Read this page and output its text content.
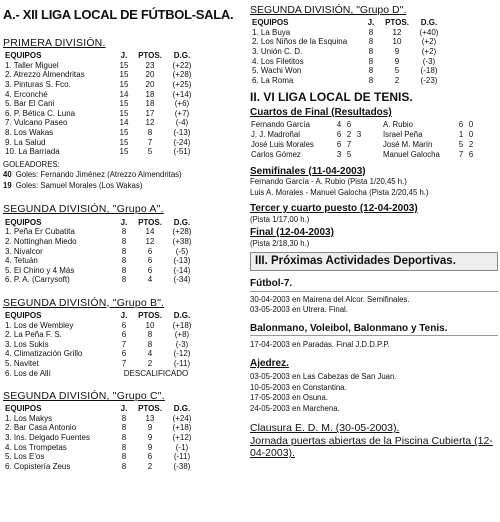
A.- XII LIGA LOCAL DE FÚTBOL-SALA.
PRIMERA DIVISIÓN.
EQUIPOS	J.	PTOS.	D.G.
1. Taller Miguel	15	23	(+22)
2. Atrezzo Almendritas	15	20	(+28)
3. Pinturas S. Fco.	15	20	(+25)
4. Erconché	14	18	(+14)
5. Bar El Cani	15	18	(+6)
6. P. Bética C. Luna	15	17	(+7)
7. Vulcano Paseo	14	12	(-4)
8. Los Wakas	15	8	(-13)
9. La Salud	15	7	(-24)
10. La Barriada	15	5	(-51)
GOLEADORES:
40 Goles: Fernando Jiménez (Atrezzo Almendritas)
19 Goles: Samuel Morales (Los Wakas)
SEGUNDA DIVISIÓN, "Grupo A".
EQUIPOS	J.	PTOS.	D.G.
1. Peña Er Cubatita	8	14	(+28)
2. Nottinghan Miedo	8	12	(+38)
3. Nivalcor	8	6	(-5)
4. Tetuán	8	6	(-13)
5. El Chino y 4 Más	8	6	(-14)
6. P. A. (Carrysoft)	8	4	(-34)
SEGUNDA DIVISIÓN, "Grupo B".
EQUIPOS	J.	PTOS.	D.G.
1. Los de Wembley	6	10	(+18)
2. La Peña F. S.	6	8	(+8)
3. Los Sukis	7	8	(-3)
4. Climatización Grillo	6	4	(-12)
5. Navitet	7	2	(-11)
6. Los de Allí	DESCALIFICADO		
SEGUNDA DIVISIÓN, "Grupo C".
EQUIPOS	J.	PTOS.	D.G.
1. Los Makys	8	13	(+24)
2. Bar Casa Antonio	8	9	(+18)
3. Ins. Delgado Fuentes	8	9	(+12)
4. Los Trompetas	8	9	(-1)
5. Los E'os	8	6	(-11)
6. Copistería Zeus	8	2	(-38)
SEGUNDA DIVISIÓN, "Grupo D".
EQUIPOS	J.	PTOS.	D.G.
1. La Buya	8	12	(+40)
2. Los Niños de la Esquina	8	10	(+2)
3. Unión C. D.	8	9	(+2)
4. Los Filetitos	8	9	(-3)
5. Wachi Won	8	5	(-18)
6. La Roma	8	2	(-23)
II. VI LIGA LOCAL DE TENIS.
Cuartos de Final (Resultados)
Fernando García	4	6			A. Rubio	6	0
J. J. Madroñal	6	2	3		Israel Peña	1	0
José Luis Morales	6	7			José M. Marín	5	2
Carlos Gómez	3	5			Manuel Galocha	7	6
Semifinales (11-04-2003)
Fernando García - A. Rubio (Pista 1/20,45 h.)
Luis A. Morales - Manuel Galocha (Pista 2/20,45 h.)
Tercer y cuarto puesto (12-04-2003)
(Pista 1/17,00 h.)
Final (12-04-2003)
(Pista 2/18,30 h.)
III. Próximas Actividades Deportivas.
Fútbol-7.
30-04-2003 en Mairena del Alcor. Semifinales.
03-05-2003 en Utrera. Final.
Balonmano, Voleibol, Balonmano y Tenis.
17-04-2003 en Paradas. Final J.D.D.P.P.
Ajedrez.
03-05-2003 en Las Cabezas de San Juan.
10-05-2003 en Constantina.
17-05-2003 en Osuna.
24-05-2003 en Marchena.
Clausura E. D. M. (30-05-2003).
Jornada puertas abiertas de la Piscina Cubierta (12-04-2003).
